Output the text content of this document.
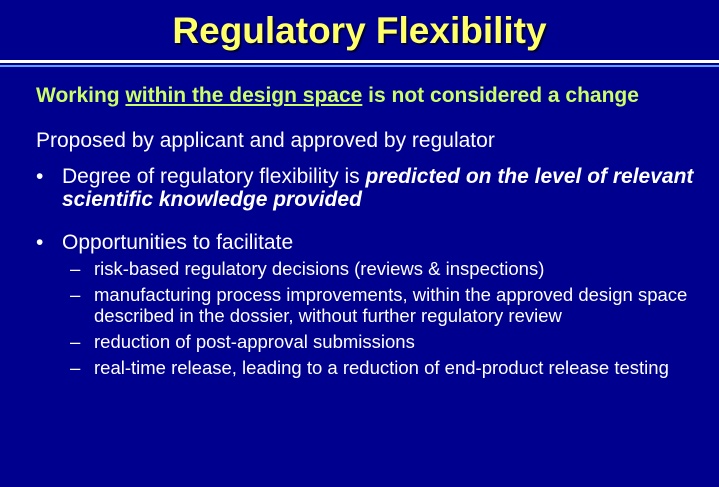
Regulatory Flexibility

Working within the design space is not considered a change

Proposed by applicant and approved by regulator

• Degree of regulatory flexibility is predicted on the level of relevant scientific knowledge provided
• Opportunities to facilitate
– risk-based regulatory decisions (reviews & inspections)
– manufacturing process improvements, within the approved design space described in the dossier, without further regulatory review
– reduction of post-approval submissions
– real-time release, leading to a reduction of end-product release testing
